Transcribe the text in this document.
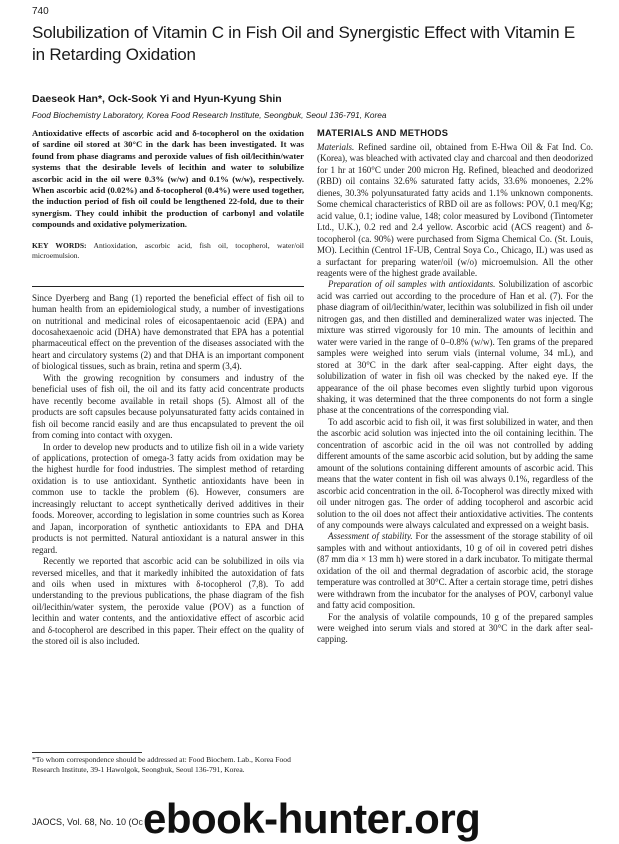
740
Solubilization of Vitamin C in Fish Oil and Synergistic Effect with Vitamin E in Retarding Oxidation
Daeseok Han*, Ock-Sook Yi and Hyun-Kyung Shin
Food Biochemistry Laboratory, Korea Food Research Institute, Seongbuk, Seoul 136-791, Korea

Antioxidative effects of ascorbic acid and δ-tocopherol on the oxidation of sardine oil stored at 30°C in the dark has been investigated. It was found from phase diagrams and peroxide values of fish oil/lecithin/water systems that the desirable levels of lecithin and water to solubilize ascorbic acid in the oil were 0.3% (w/w) and 0.1% (w/w), respectively. When ascorbic acid (0.02%) and δ-tocopherol (0.4%) were used together, the induction period of fish oil could be lengthened 22-fold, due to their synergism. They could inhibit the production of carbonyl and volatile compounds and oxidative polymerization.

KEY WORDS: Antioxidation, ascorbic acid, fish oil, tocopherol, water/oil microemulsion.

Since Dyerberg and Bang (1) reported the beneficial effect of fish oil to human health from an epidemiological study, a number of investigations on nutritional and medicinal roles of eicosapentaenoic acid (EPA) and docosahexaenoic acid (DHA) have demonstrated that EPA has a potential pharmaceutical effect on the prevention of the diseases associated with the heart and circulatory systems (2) and that DHA is an important component of biological tissues, such as brain, retina and sperm (3,4).

With the growing recognition by consumers and industry of the beneficial uses of fish oil, the oil and its fatty acid concentrate products have recently become available in retail shops (5). Almost all of the products are soft capsules because polyunsaturated fatty acids contained in fish oil become rancid easily and are thus encapsulated to prevent the oil from coming into contact with oxygen.

In order to develop new products and to utilize fish oil in a wide variety of applications, protection of omega-3 fatty acids from oxidation may be the highest hurdle for food industries. The simplest method of retarding oxidation is to use antioxidant. Synthetic antioxidants have been in common use to tackle the problem (6). However, consumers are increasingly reluctant to accept synthetically derived additives in their foods. Moreover, according to legislation in some countries such as Korea and Japan, incorporation of synthetic antioxidants to EPA and DHA products is not permitted. Natural antioxidant is a natural answer in this regard.

Recently we reported that ascorbic acid can be solubilized in oils via reversed micelles, and that it markedly inhibited the autoxidation of fats and oils when used in mixtures with δ-tocopherol (7,8). To add understanding to the previous publications, the phase diagram of the fish oil/lecithin/water system, the peroxide value (POV) as a function of lecithin and water contents, and the antioxidative effect of ascorbic acid and δ-tocopherol are described in this paper. Their effect on the quality of the stored oil is also included.

MATERIALS AND METHODS

Materials. Refined sardine oil, obtained from E-Hwa Oil & Fat Ind. Co. (Korea), was bleached with activated clay and charcoal and then deodorized for 1 hr at 160°C under 200 micron Hg. Refined, bleached and deodorized (RBD) oil contains 32.6% saturated fatty acids, 33.6% monoenes, 2.2% dienes, 30.3% polyunsaturated fatty acids and 1.1% unknown components. Some chemical characteristics of RBD oil are as follows: POV, 0.1 meq/Kg; acid value, 0.1; iodine value, 148; color measured by Lovibond (Tintometer Ltd., U.K.), 0.2 red and 2.4 yellow. Ascorbic acid (ACS reagent) and δ-tocopherol (ca. 90%) were purchased from Sigma Chemical Co. (St. Louis, MO). Lecithin (Centrol 1F-UB, Central Soya Co., Chicago, IL) was used as a surfactant for preparing water/oil (w/o) microemulsion. All the other reagents were of the highest grade available.

Preparation of oil samples with antioxidants. Solubilization of ascorbic acid was carried out according to the procedure of Han et al. (7). For the phase diagram of oil/lecithin/water, lecithin was solubilized in fish oil under nitrogen gas, and then distilled and demineralized water was injected. The mixture was stirred vigorously for 10 min. The amounts of lecithin and water were varied in the range of 0–0.8% (w/w). Ten grams of the prepared samples were weighed into serum vials (internal volume, 34 mL), and stored at 30°C in the dark after seal-capping. After eight days, the solubilization of water in fish oil was checked by the naked eye. If the appearance of the oil phase becomes even slightly turbid upon vigorous shaking, it was determined that the three components do not form a single phase at the concentrations of the corresponding vial.

To add ascorbic acid to fish oil, it was first solubilized in water, and then the ascorbic acid solution was injected into the oil containing lecithin. The concentration of ascorbic acid in the oil was not controlled by adding different amounts of the same ascorbic acid solution, but by adding the same amount of the solutions containing different amounts of ascorbic acid. This means that the water content in fish oil was always 0.1%, regardless of the ascorbic acid concentration in the oil. δ-Tocopherol was directly mixed with oil under nitrogen gas. The order of adding tocopherol and ascorbic acid solution to the oil does not affect their antioxidative activities. The contents of any compounds were always calculated and expressed on a weight basis.

Assessment of stability. For the assessment of the storage stability of oil samples with and without antioxidants, 10 g of oil in covered petri dishes (87 mm dia × 13 mm h) were stored in a dark incubator. To mitigate thermal oxidation of the oil and thermal degradation of ascorbic acid, the storage temperature was controlled at 30°C. After a certain storage time, petri dishes were withdrawn from the incubator for the analyses of POV, carbonyl value and fatty acid composition.

For the analysis of volatile compounds, 10 g of the prepared samples were weighed into serum vials and stored at 30°C in the dark after seal-capping.

*To whom correspondence should be addressed at: Food Biochem. Lab., Korea Food Research Institute, 39-1 Hawolgok, Seongbuk, Seoul 136-791, Korea.

JAOCS, Vol. 68, No. 10 (Oc ebook-hunter.org
